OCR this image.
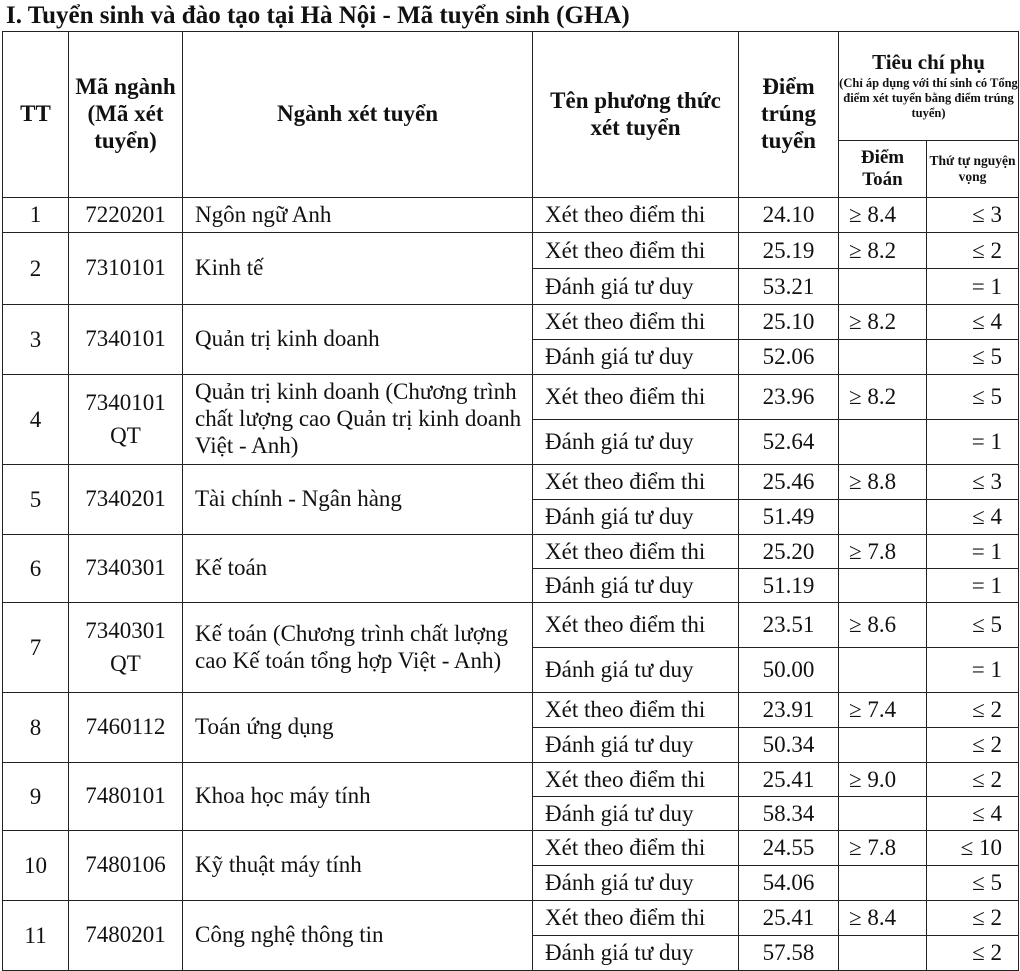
I. Tuyển sinh và đào tạo tại Hà Nội - Mã tuyển sinh (GHA)
TT	Mã ngành (Mã xét tuyển)	Ngành xét tuyển	Tên phương thức xét tuyển	Điểm trúng tuyển	Tiêu chí phụ
(Chỉ áp dụng với thí sinh có Tổng điểm xét tuyển bằng điểm trúng tuyển)	

					Điểm Toán	Thứ tự nguyện vọng
1	7220201	Ngôn ngữ Anh	Xét theo điểm thi	24.10	≥ 8.4	≤ 3
2	7310101	Kinh tế	Xét theo điểm thi	25.19	≥ 8.2	≤ 2
			Đánh giá tư duy	53.21		= 1
3	7340101	Quản trị kinh doanh	Xét theo điểm thi	25.10	≥ 8.2	≤ 4
			Đánh giá tư duy	52.06		≤ 5
4	7340101
QT	Quản trị kinh doanh (Chương trình chất lượng cao Quản trị kinh doanh Việt - Anh)	Xét theo điểm thi	23.96	≥ 8.2	≤ 5
			Đánh giá tư duy	52.64		= 1
5	7340201	Tài chính - Ngân hàng	Xét theo điểm thi	25.46	≥ 8.8	≤ 3
			Đánh giá tư duy	51.49		≤ 4
6	7340301	Kế toán	Xét theo điểm thi	25.20	≥ 7.8	= 1
			Đánh giá tư duy	51.19		= 1
7	7340301
QT	Kế toán (Chương trình chất lượng cao Kế toán tổng hợp Việt - Anh)	Xét theo điểm thi	23.51	≥ 8.6	≤ 5
			Đánh giá tư duy	50.00		= 1
8	7460112	Toán ứng dụng	Xét theo điểm thi	23.91	≥ 7.4	≤ 2
			Đánh giá tư duy	50.34		≤ 2
9	7480101	Khoa học máy tính	Xét theo điểm thi	25.41	≥ 9.0	≤ 2
			Đánh giá tư duy	58.34		≤ 4
10	7480106	Kỹ thuật máy tính	Xét theo điểm thi	24.55	≥ 7.8	≤ 10
			Đánh giá tư duy	54.06		≤ 5
11	7480201	Công nghệ thông tin	Xét theo điểm thi	25.41	≥ 8.4	≤ 2
			Đánh giá tư duy	57.58		≤ 2
